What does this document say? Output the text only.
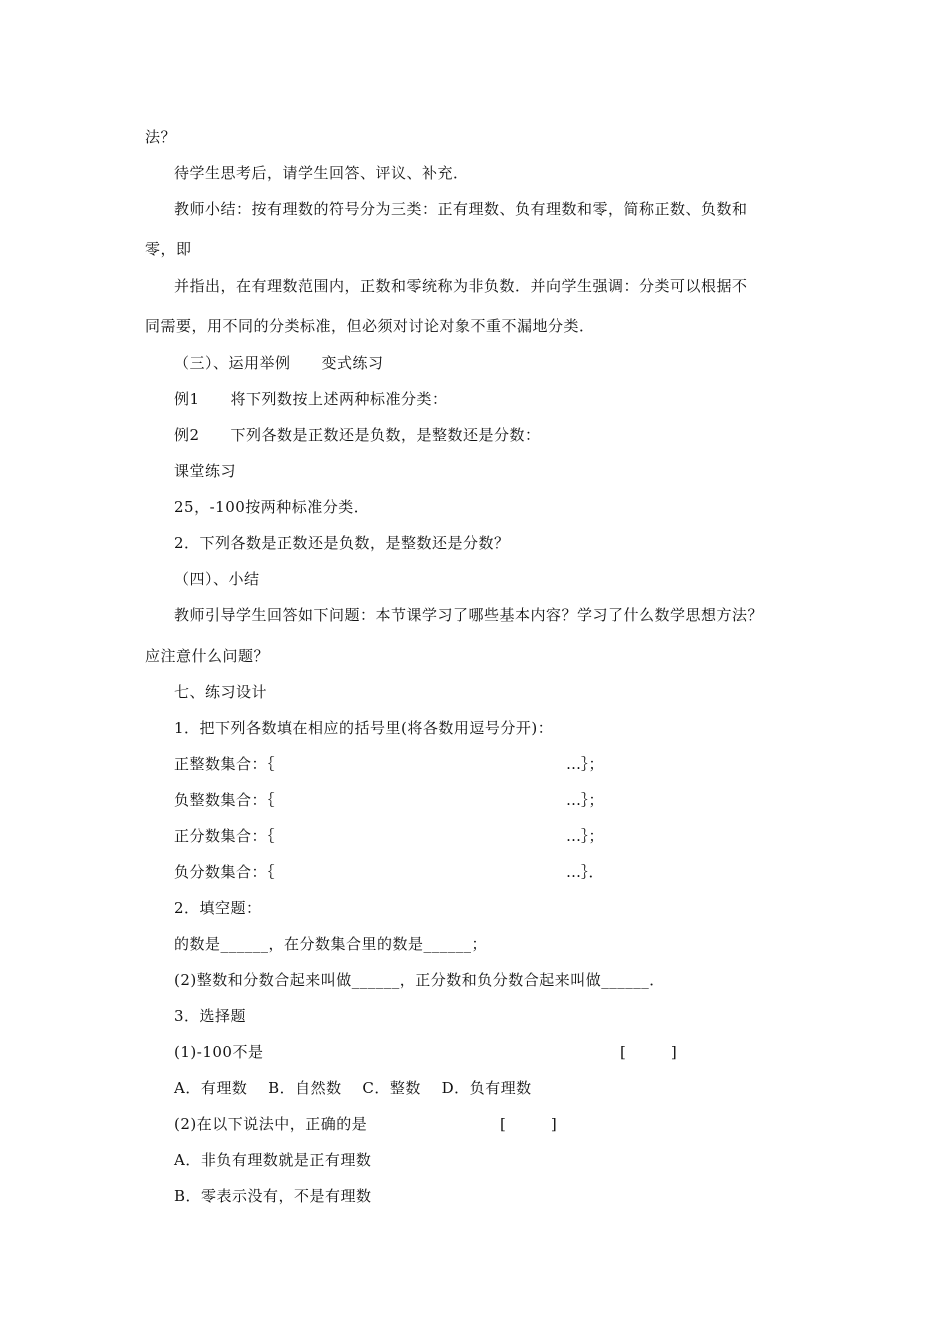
法？
待学生思考后，请学生回答、评议、补充．
教师小结：按有理数的符号分为三类：正有理数、负有理数和零，简称正数、负数和
零，即
并指出，在有理数范围内，正数和零统称为非负数．并向学生强调：分类可以根据不
同需要，用不同的分类标准，但必须对讨论对象不重不漏地分类．
（三）、运用举例　　变式练习
例1　　将下列数按上述两种标准分类：
例2　　下列各数是正数还是负数，是整数还是分数：
课堂练习
25，-100按两种标准分类．
2．下列各数是正数还是负数，是整数还是分数？
（四）、小结
教师引导学生回答如下问题：本节课学习了哪些基本内容？学习了什么数学思想方法？
应注意什么问题？
七、练习设计
1．把下列各数填在相应的括号里(将各数用逗号分开)：
正整数集合：｛	…｝；
负整数集合：｛	…｝；
正分数集合：｛	…｝；
负分数集合：｛	…｝．
2．填空题：
的数是______，在分数集合里的数是______；
(2)整数和分数合起来叫做______，正分数和负分数合起来叫做______．
3．选择题
(1)-100不是	[　　　]
A．有理数　 B．自然数　 C．整数　 D．负有理数
(2)在以下说法中，正确的是	[　　　]
A．非负有理数就是正有理数
B．零表示没有，不是有理数
